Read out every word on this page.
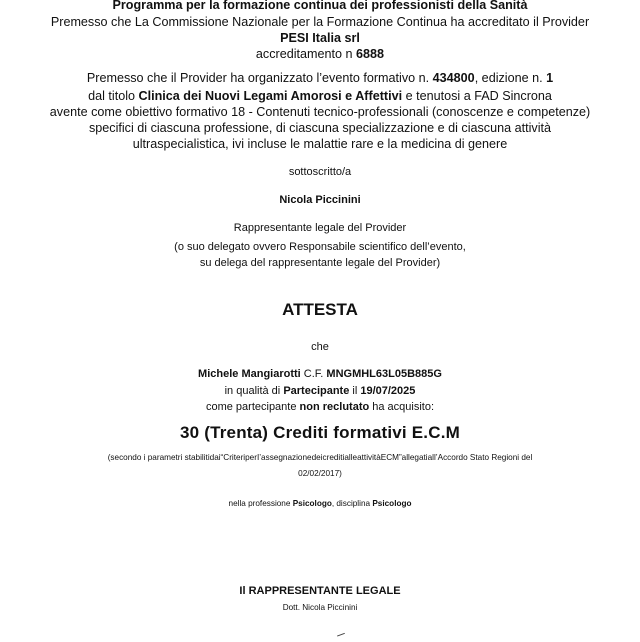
Programma per la formazione continua dei professionisti della Sanità
Premesso che La Commissione Nazionale per la Formazione Continua ha accreditato il Provider
PESI Italia srl
accreditamento n 6888
Premesso che il Provider ha organizzato l’evento formativo n. 434800, edizione n. 1
dal titolo Clinica dei Nuovi Legami Amorosi e Affettivi e tenutosi a FAD Sincrona
avente come obiettivo formativo 18 - Contenuti tecnico-professionali (conoscenze e competenze)
specifici di ciascuna professione, di ciascuna specializzazione e di ciascuna attività
ultraspecialistica, ivi incluse le malattie rare e la medicina di genere
sottoscritto/a
Nicola Piccinini
Rappresentante legale del Provider
(o suo delegato ovvero Responsabile scientifico dell’evento,
su delega del rappresentante legale del Provider)
ATTESTA
che
Michele Mangiarotti C.F. MNGMHL63L05B885G
in qualità di Partecipante il 19/07/2025
come partecipante non reclutato ha acquisito:
30 (Trenta) Crediti formativi E.C.M
(secondo i parametri stabilitidai“CriteriperI’assegnazionedeicreditialleattivitàECM”allegatiall’Accordo Stato Regioni del
02/02/2017)
nella professione Psicologo, disciplina Psicologo
Il RAPPRESENTANTE LEGALE
Dott. Nicola Piccinini
